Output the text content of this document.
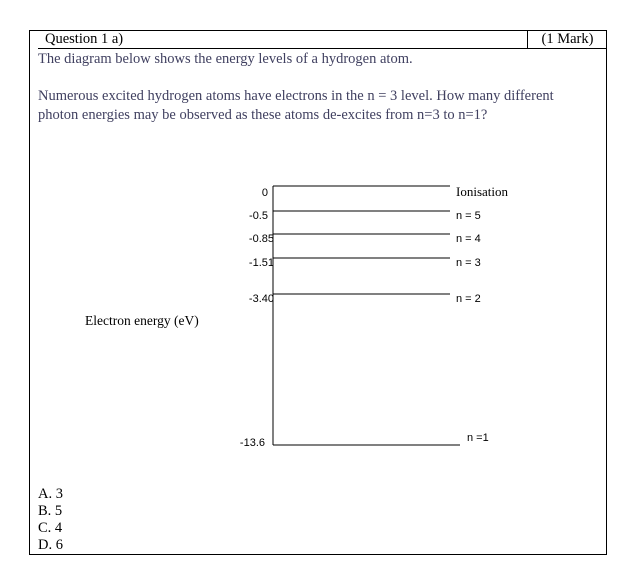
Question 1 a)	(1 Mark)
The diagram below shows the energy levels of a hydrogen atom.
Numerous excited hydrogen atoms have electrons in the n = 3 level. How many different
photon energies may be observed as these atoms de-excites from n=3 to n=1?
Electron energy (eV)
0	Ionisation
-0.5	n = 5
-0.85	n = 4
-1.51	n = 3
-3.40	n = 2
-13.6	n =1
A. 3
B. 5
C. 4
D. 6
